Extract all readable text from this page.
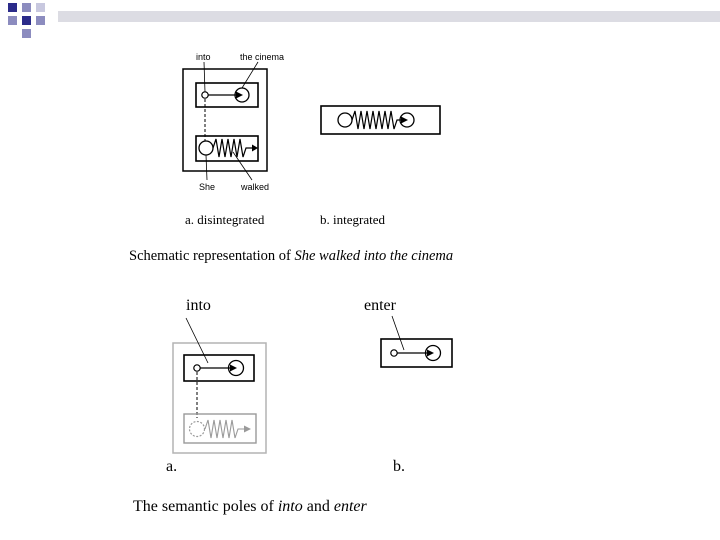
into	the cinema
She	walked
a. disintegrated	b. integrated
Schematic representation of She walked into the cinema
into	enter
a.	b.
The semantic poles of into and enter
